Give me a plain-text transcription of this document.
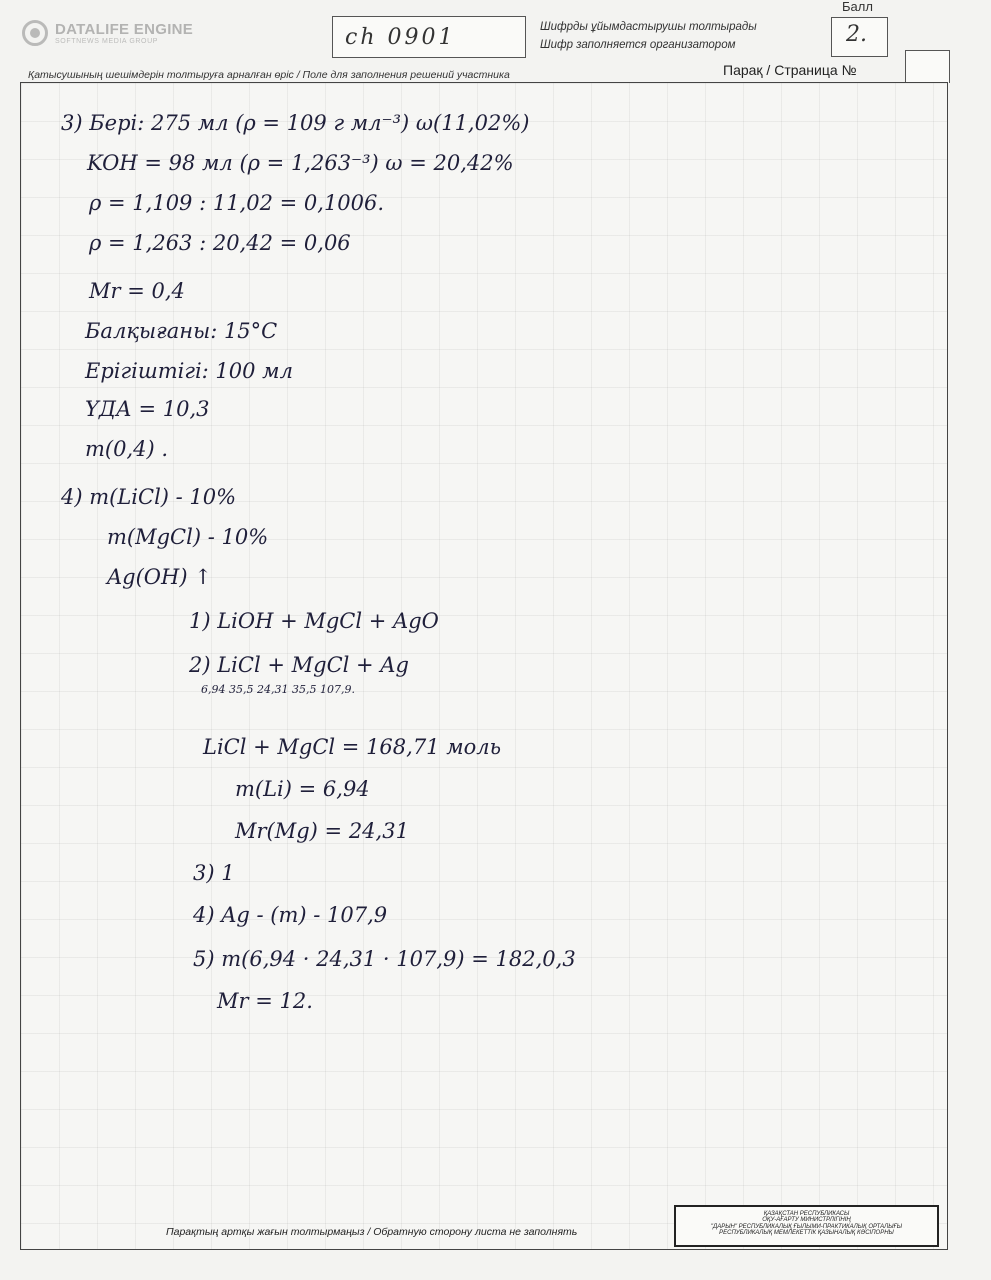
DATALIFE ENGINE
SOFTNEWS MEDIA GROUP	ch 0901	Шифрды ұйымдастырушы толтырады
Шифр заполняется организатором
Балл
2.
Қатысушының шешімдерін толтыруға арналған өріс / Поле для заполнения решений участника	Парақ / Страница №
3) Бері: 275 мл (ρ = 109 г мл⁻³) ω(11,02%)
KOH = 98 мл (ρ = 1,263⁻³) ω = 20,42%
ρ = 1,109 : 11,02 = 0,1006.
ρ = 1,263 : 20,42 = 0,06
Mr = 0,4
Балқығаны: 15°C
Ерігіштігі: 100 мл
ҮДА = 10,3
m(0,4) .
4) m(LiCl) - 10%
m(MgCl) - 10%
Ag(OH) ↑
1) LiOH + MgCl + AgO
2) LiCl + MgCl + Ag
6,94 35,5 24,31 35,5 107,9.
LiCl + MgCl = 168,71 моль
m(Li) = 6,94
Mr(Mg) = 24,31
3) 1
4) Ag - (m) - 107,9
5) m(6,94 · 24,31 · 107,9) = 182,0,3
Mr = 12.
Парақтың артқы жағын толтырмаңыз / Обратную сторону листа не заполнять
ҚАЗАҚСТАН РЕСПУБЛИКАСЫ
ОҚУ-АҒАРТУ МИНИСТРЛІГІНІҢ
"ДАРЫН" РЕСПУБЛИКАЛЫҚ ҒЫЛЫМИ-ПРАКТИКАЛЫҚ ОРТАЛЫҒЫ
РЕСПУБЛИКАЛЫҚ МЕМЛЕКЕТТІК ҚАЗЫНАЛЫҚ КӘСІПОРНЫ
